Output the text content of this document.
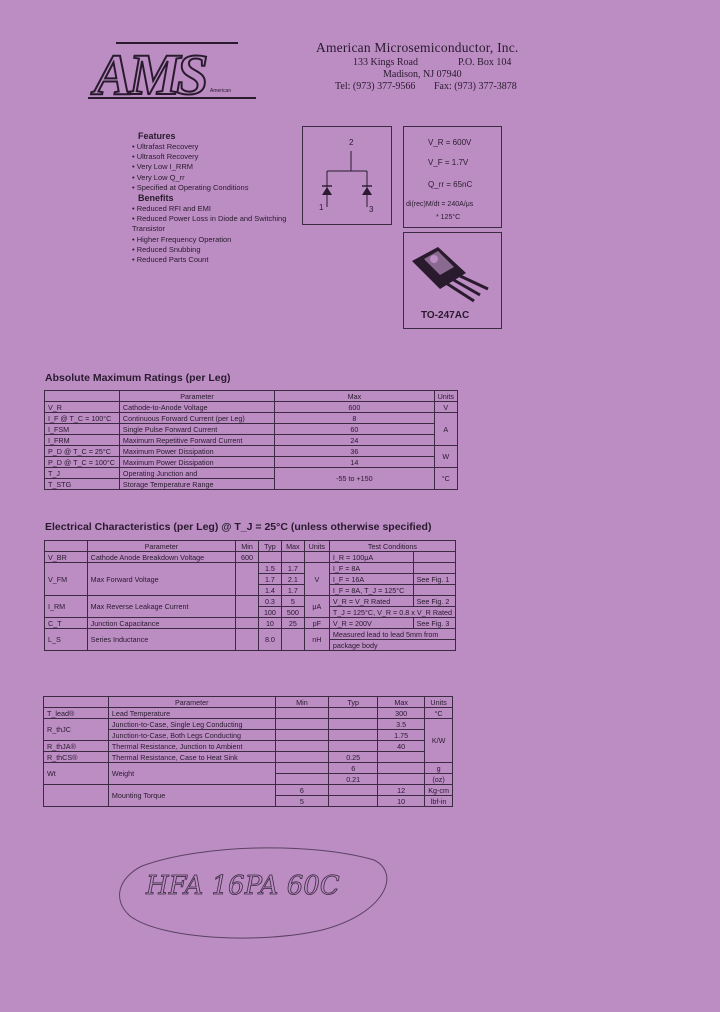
AMS	American
American Microsemiconductor, Inc.
133 Kings Road	P.O. Box 104
Madison, NJ 07940
Tel: (973) 377-9566 Fax: (973) 377-3878
Features
• Ultrafast Recovery
• Ultrasoft Recovery
• Very Low I_RRM
• Very Low Q_rr
• Specified at Operating Conditions
Benefits
• Reduced RFI and EMI
• Reduced Power Loss in Diode and Switching Transistor
• Higher Frequency Operation
• Reduced Snubbing
• Reduced Parts Count
2
1	3
V_R = 600V
V_F = 1.7V
Q_rr = 65nC
di(rec)M/dt = 240A/μs
* 125°C
TO-247AC
Absolute Maximum Ratings (per Leg)
	Parameter	Max	Units
V_R	Cathode-to-Anode Voltage	600	V
I_F @ T_C = 100°C	Continuous Forward Current (per Leg)	8	A
I_FSM	Single Pulse Forward Current	60	
I_FRM	Maximum Repetitive Forward Current	24	
P_D @ T_C = 25°C	Maximum Power Dissipation	36	W
P_D @ T_C = 100°C	Maximum Power Dissipation	14	
T_J	Operating Junction and	-55 to +150	°C
T_STG	Storage Temperature Range		
Electrical Characteristics (per Leg) @ T_J = 25°C (unless otherwise specified)
	Parameter	Min	Typ	Max	Units	Test Conditions	
V_BR	Cathode Anode Breakdown Voltage	600				I_R = 100μA	
V_FM	Max Forward Voltage		1.5	1.7	V	I_F = 8A	
			1.7	2.1		I_F = 16A	See Fig. 1
			1.4	1.7		I_F = 8A, T_J = 125°C	
I_RM	Max Reverse Leakage Current		0.3	5	μA	V_R = V_R Rated	See Fig. 2
			100	500		T_J = 125°C, V_R = 0.8 x V_R Rated	
C_T	Junction Capacitance		10	25	pF	V_R = 200V	See Fig. 3
L_S	Series Inductance		8.0		nH	Measured lead to lead 5mm from	
						package body	
	Parameter	Min	Typ	Max	Units
T_lead®	Lead Temperature			300	°C
R_thJC	Junction-to-Case, Single Leg Conducting			3.5	K/W
	Junction-to-Case, Both Legs Conducting			1.75	
R_thJA®	Thermal Resistance, Junction to Ambient			40	
R_thCS®	Thermal Resistance, Case to Heat Sink		0.25		
Wt	Weight		6		g
			0.21		(oz)
	Mounting Torque	6		12	Kg-cm
		5		10	lbf-in
HFA 16PA 60C
